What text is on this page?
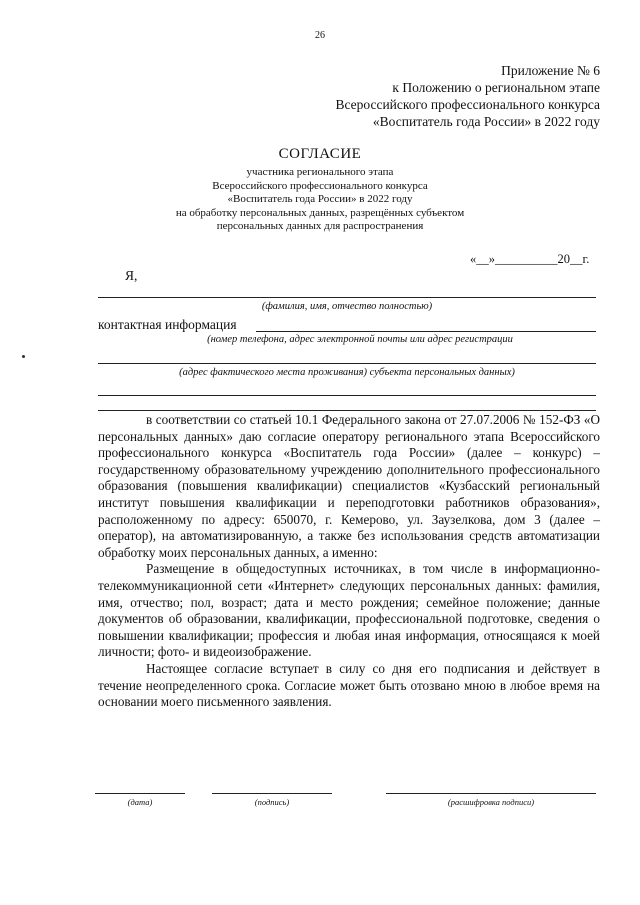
26
Приложение № 6
к Положению о региональном этапе
Всероссийского профессионального конкурса
«Воспитатель года России» в 2022 году
СОГЛАСИЕ
участника регионального этапа
Всероссийского профессионального конкурса
«Воспитатель года России» в 2022 году
на обработку персональных данных, разрещённых субъектом
персональных данных для распространения
«__»__________20__г.
Я,
(фамилия, имя, отчество полностью)
контактная информация
(номер телефона, адрес электронной почты или адрес регистрации
(адрес фактического места проживания) субъекта персональных данных)

в соответствии со статьей 10.1 Федерального закона от 27.07.2006 № 152-ФЗ «О персональных данных» даю согласие оператору регионального этапа Всероссийского профессионального конкурса «Воспитатель года России» (далее – конкурс) – государственному образовательному учреждению дополнительного профессионального образования (повышения квалификации) специалистов «Кузбасский региональный институт повышения квалификации и переподготовки работников образования», расположенному по адресу: 650070, г. Кемерово, ул. Заузелкова, дом 3 (далее – оператор), на автоматизированную, а также без использования средств автоматизации обработку моих персональных данных, а именно:

Размещение в общедоступных источниках, в том числе в информационно-телекоммуникационной сети «Интернет» следующих персональных данных: фамилия, имя, отчество; пол, возраст; дата и место рождения; семейное положение; данные документов об образовании, квалификации, профессиональной подготовке, сведения о повышении квалификации; профессия и любая иная информация, относящаяся к моей личности; фото- и видеоизображение.

Настоящее согласие вступает в силу со дня его подписания и действует в течение неопределенного срока. Согласие может быть отозвано мною в любое время на основании моего письменного заявления.

(дата)	(подпись)	(расшифровка подписи)
